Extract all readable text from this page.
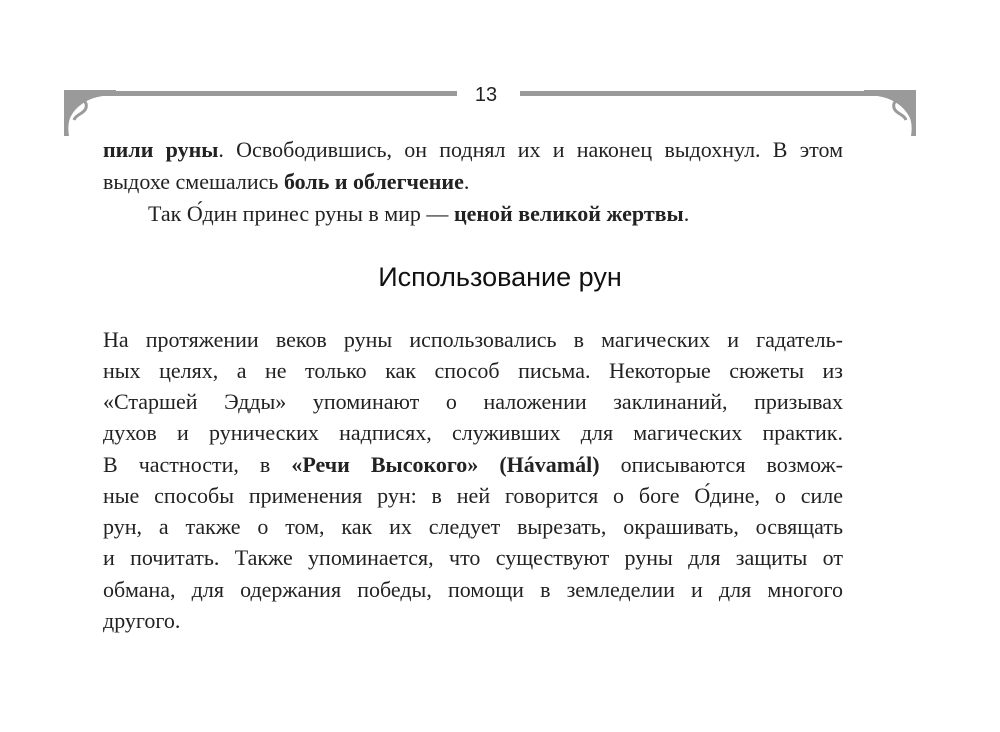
13
пили руны. Освободившись, он поднял их и наконец выдохнул. В этом
выдохе смешались боль и облегчение.
Так О́дин принес руны в мир — ценой великой жертвы.
Использование рун
На протяжении веков руны использовались в магических и гадатель-
ных целях, а не только как способ письма. Некоторые сюжеты из
«Старшей Эдды» упоминают о наложении заклинаний, призывах
духов и рунических надписях, служивших для магических практик.
В частности, в «Речи Высокого» (Hávamál) описываются возмож-
ные способы применения рун: в ней говорится о боге О́дине, о силе
рун, а также о том, как их следует вырезать, окрашивать, освящать
и почитать. Также упоминается, что существуют руны для защиты от
обмана, для одержания победы, помощи в земледелии и для многого
другого.
